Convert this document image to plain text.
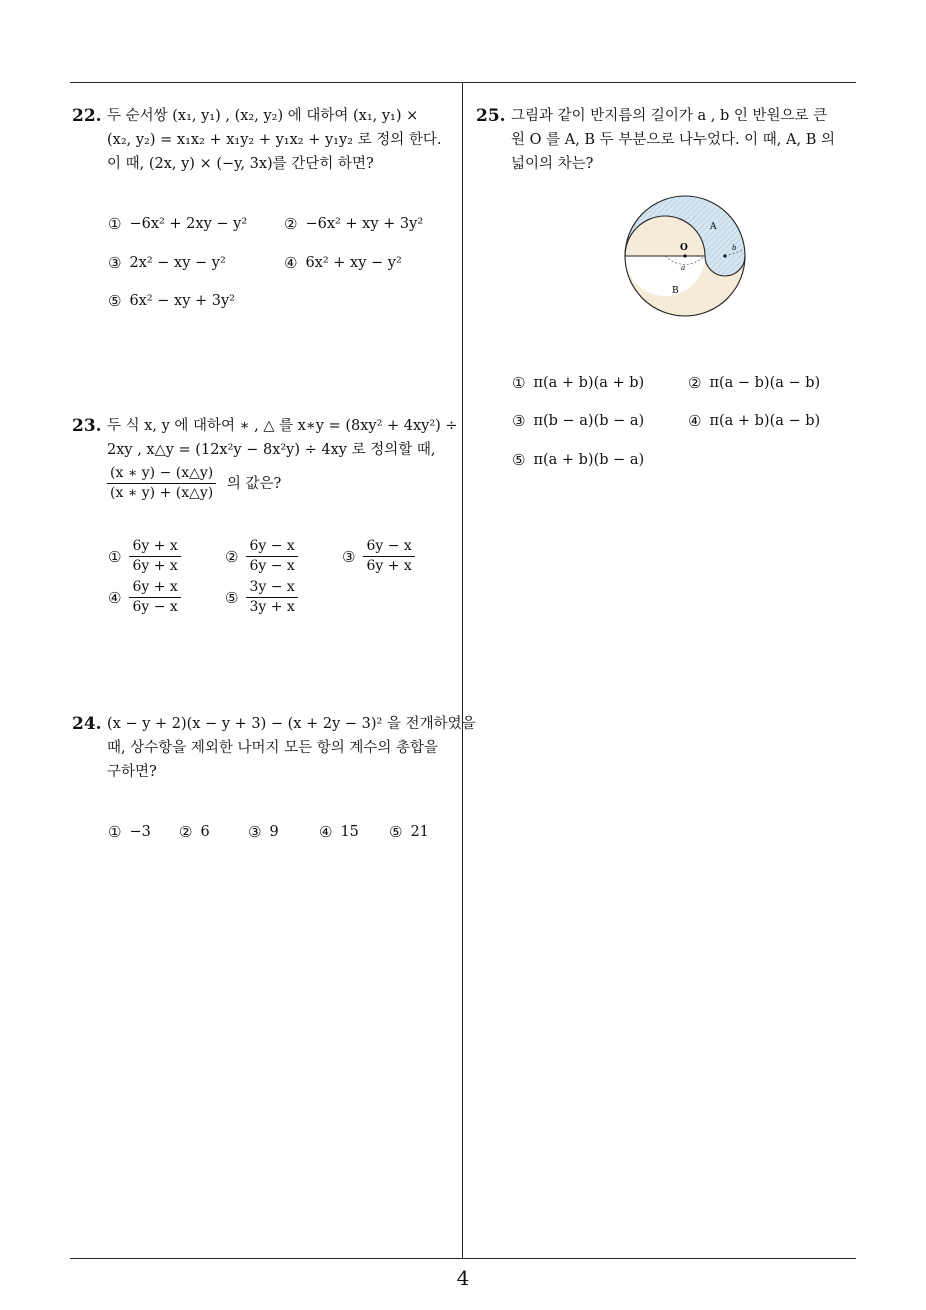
4
22. 두 순서쌍 (x₁, y₁) , (x₂, y₂) 에 대하여 (x₁, y₁) ×
(x₂, y₂) = x₁x₂ + x₁y₂ + y₁x₂ + y₁y₂ 로 정의 한다.
이 때, (2x, y) × (−y, 3x)를 간단히 하면?
① −6x² + 2xy − y² ② −6x² + xy + 3y²
③ 2x² − xy − y²	④ 6x² + xy − y²
⑤ 6x² − xy + 3y²
23. 두 식 x, y 에 대하여 ∗ , △ 를 x∗y = (8xy² + 4xy²) ÷
2xy , x△y = (12x²y − 8x²y) ÷ 4xy 로 정의할 때,
$\frac{(x ∗ y) - (x\triangle y)}{(x ∗ y) + (x\triangle y)}$ 의 값은?
① $\frac{6y + x}{6y + x}$	② $\frac{6y - x}{6y - x}$	③ $\frac{6y - x}{6y + x}$
④ $\frac{6y + x}{6y - x}$	⑤ $\frac{3y - x}{3y + x}$
24. (x − y + 2)(x − y + 3) − (x + 2y − 3)² 을 전개하였을
때, 상수항을 제외한 나머지 모든 항의 계수의 총합을
구하면?
① −3 ② 6	③ 9	④ 15 ⑤ 21
25. 그림과 같이 반지름의 길이가 a , b 인 반원으로 큰
원 O 를 A, B 두 부분으로 나누었다. 이 때, A, B 의
넓이의 차는?
A
B
O
a
b
① π(a + b)(a + b)	② π(a − b)(a − b)
③ π(b − a)(b − a)	④ π(a + b)(a − b)
⑤ π(a + b)(b − a)
